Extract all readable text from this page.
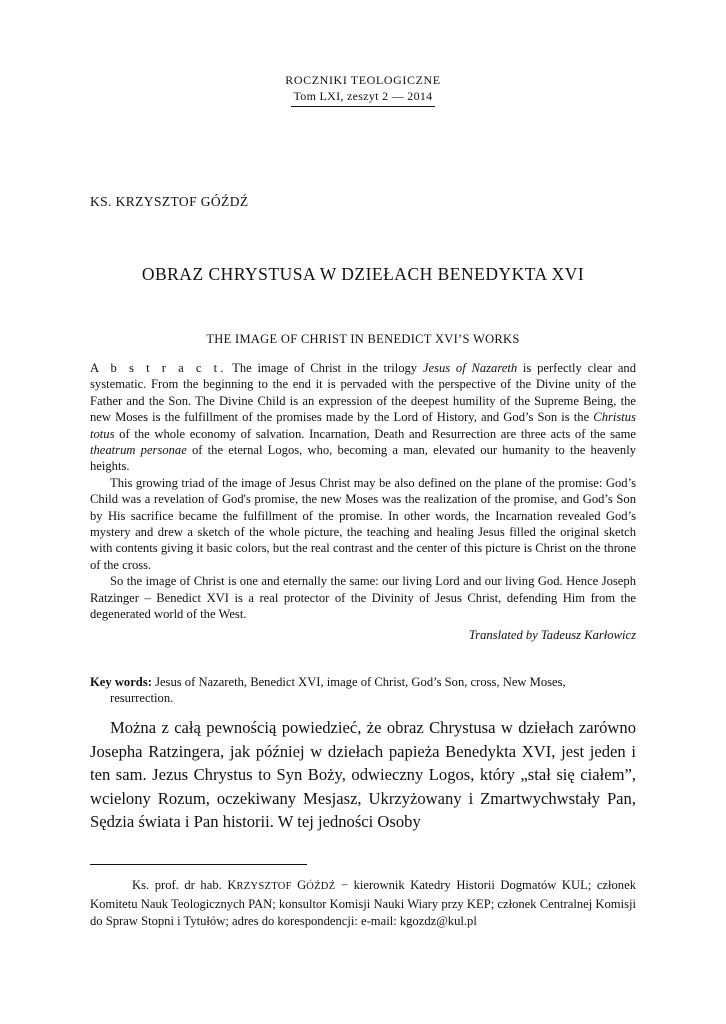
ROCZNIKI TEOLOGICZNE
Tom LXI, zeszyt 2 — 2014
KS. KRZYSZTOF GÓŹDŹ
OBRAZ CHRYSTUSA W DZIEŁACH BENEDYKTA XVI
THE IMAGE OF CHRIST IN BENEDICT XVI’S WORKS

A b s t r a c t. The image of Christ in the trilogy Jesus of Nazareth is perfectly clear and systematic. From the beginning to the end it is pervaded with the perspective of the Divine unity of the Father and the Son. The Divine Child is an expression of the deepest humility of the Supreme Being, the new Moses is the fulfillment of the promises made by the Lord of History, and God’s Son is the Christus totus of the whole economy of salvation. Incarnation, Death and Resurrection are three acts of the same theatrum personae of the eternal Logos, who, becoming a man, elevated our humanity to the heavenly heights.

This growing triad of the image of Jesus Christ may be also defined on the plane of the promise: God’s Child was a revelation of God's promise, the new Moses was the realization of the promise, and God’s Son by His sacrifice became the fulfillment of the promise. In other words, the Incarnation revealed God’s mystery and drew a sketch of the whole picture, the teaching and healing Jesus filled the original sketch with contents giving it basic colors, but the real contrast and the center of this picture is Christ on the throne of the cross.

So the image of Christ is one and eternally the same: our living Lord and our living God. Hence Joseph Ratzinger – Benedict XVI is a real protector of the Divinity of Jesus Christ, defending Him from the degenerated world of the West.

Translated by Tadeusz Karłowicz
Key words: Jesus of Nazareth, Benedict XVI, image of Christ, God’s Son, cross, New Moses,
resurrection.

Można z całą pewnością powiedzieć, że obraz Chrystusa w dziełach zarówno Josepha Ratzingera, jak później w dziełach papieża Benedykta XVI, jest jeden i ten sam. Jezus Chrystus to Syn Boży, odwieczny Logos, który „stał się ciałem”, wcielony Rozum, oczekiwany Mesjasz, Ukrzyżowany i Zmartwychwstały Pan, Sędzia świata i Pan historii. W tej jedności Osoby

Ks. prof. dr hab. KRZYSZTOF GÓŹDŹ − kierownik Katedry Historii Dogmatów KUL; członek Komitetu Nauk Teologicznych PAN; konsultor Komisji Nauki Wiary przy KEP; członek Centralnej Komisji do Spraw Stopni i Tytułów; adres do korespondencji: e-mail: kgozdz@kul.pl
